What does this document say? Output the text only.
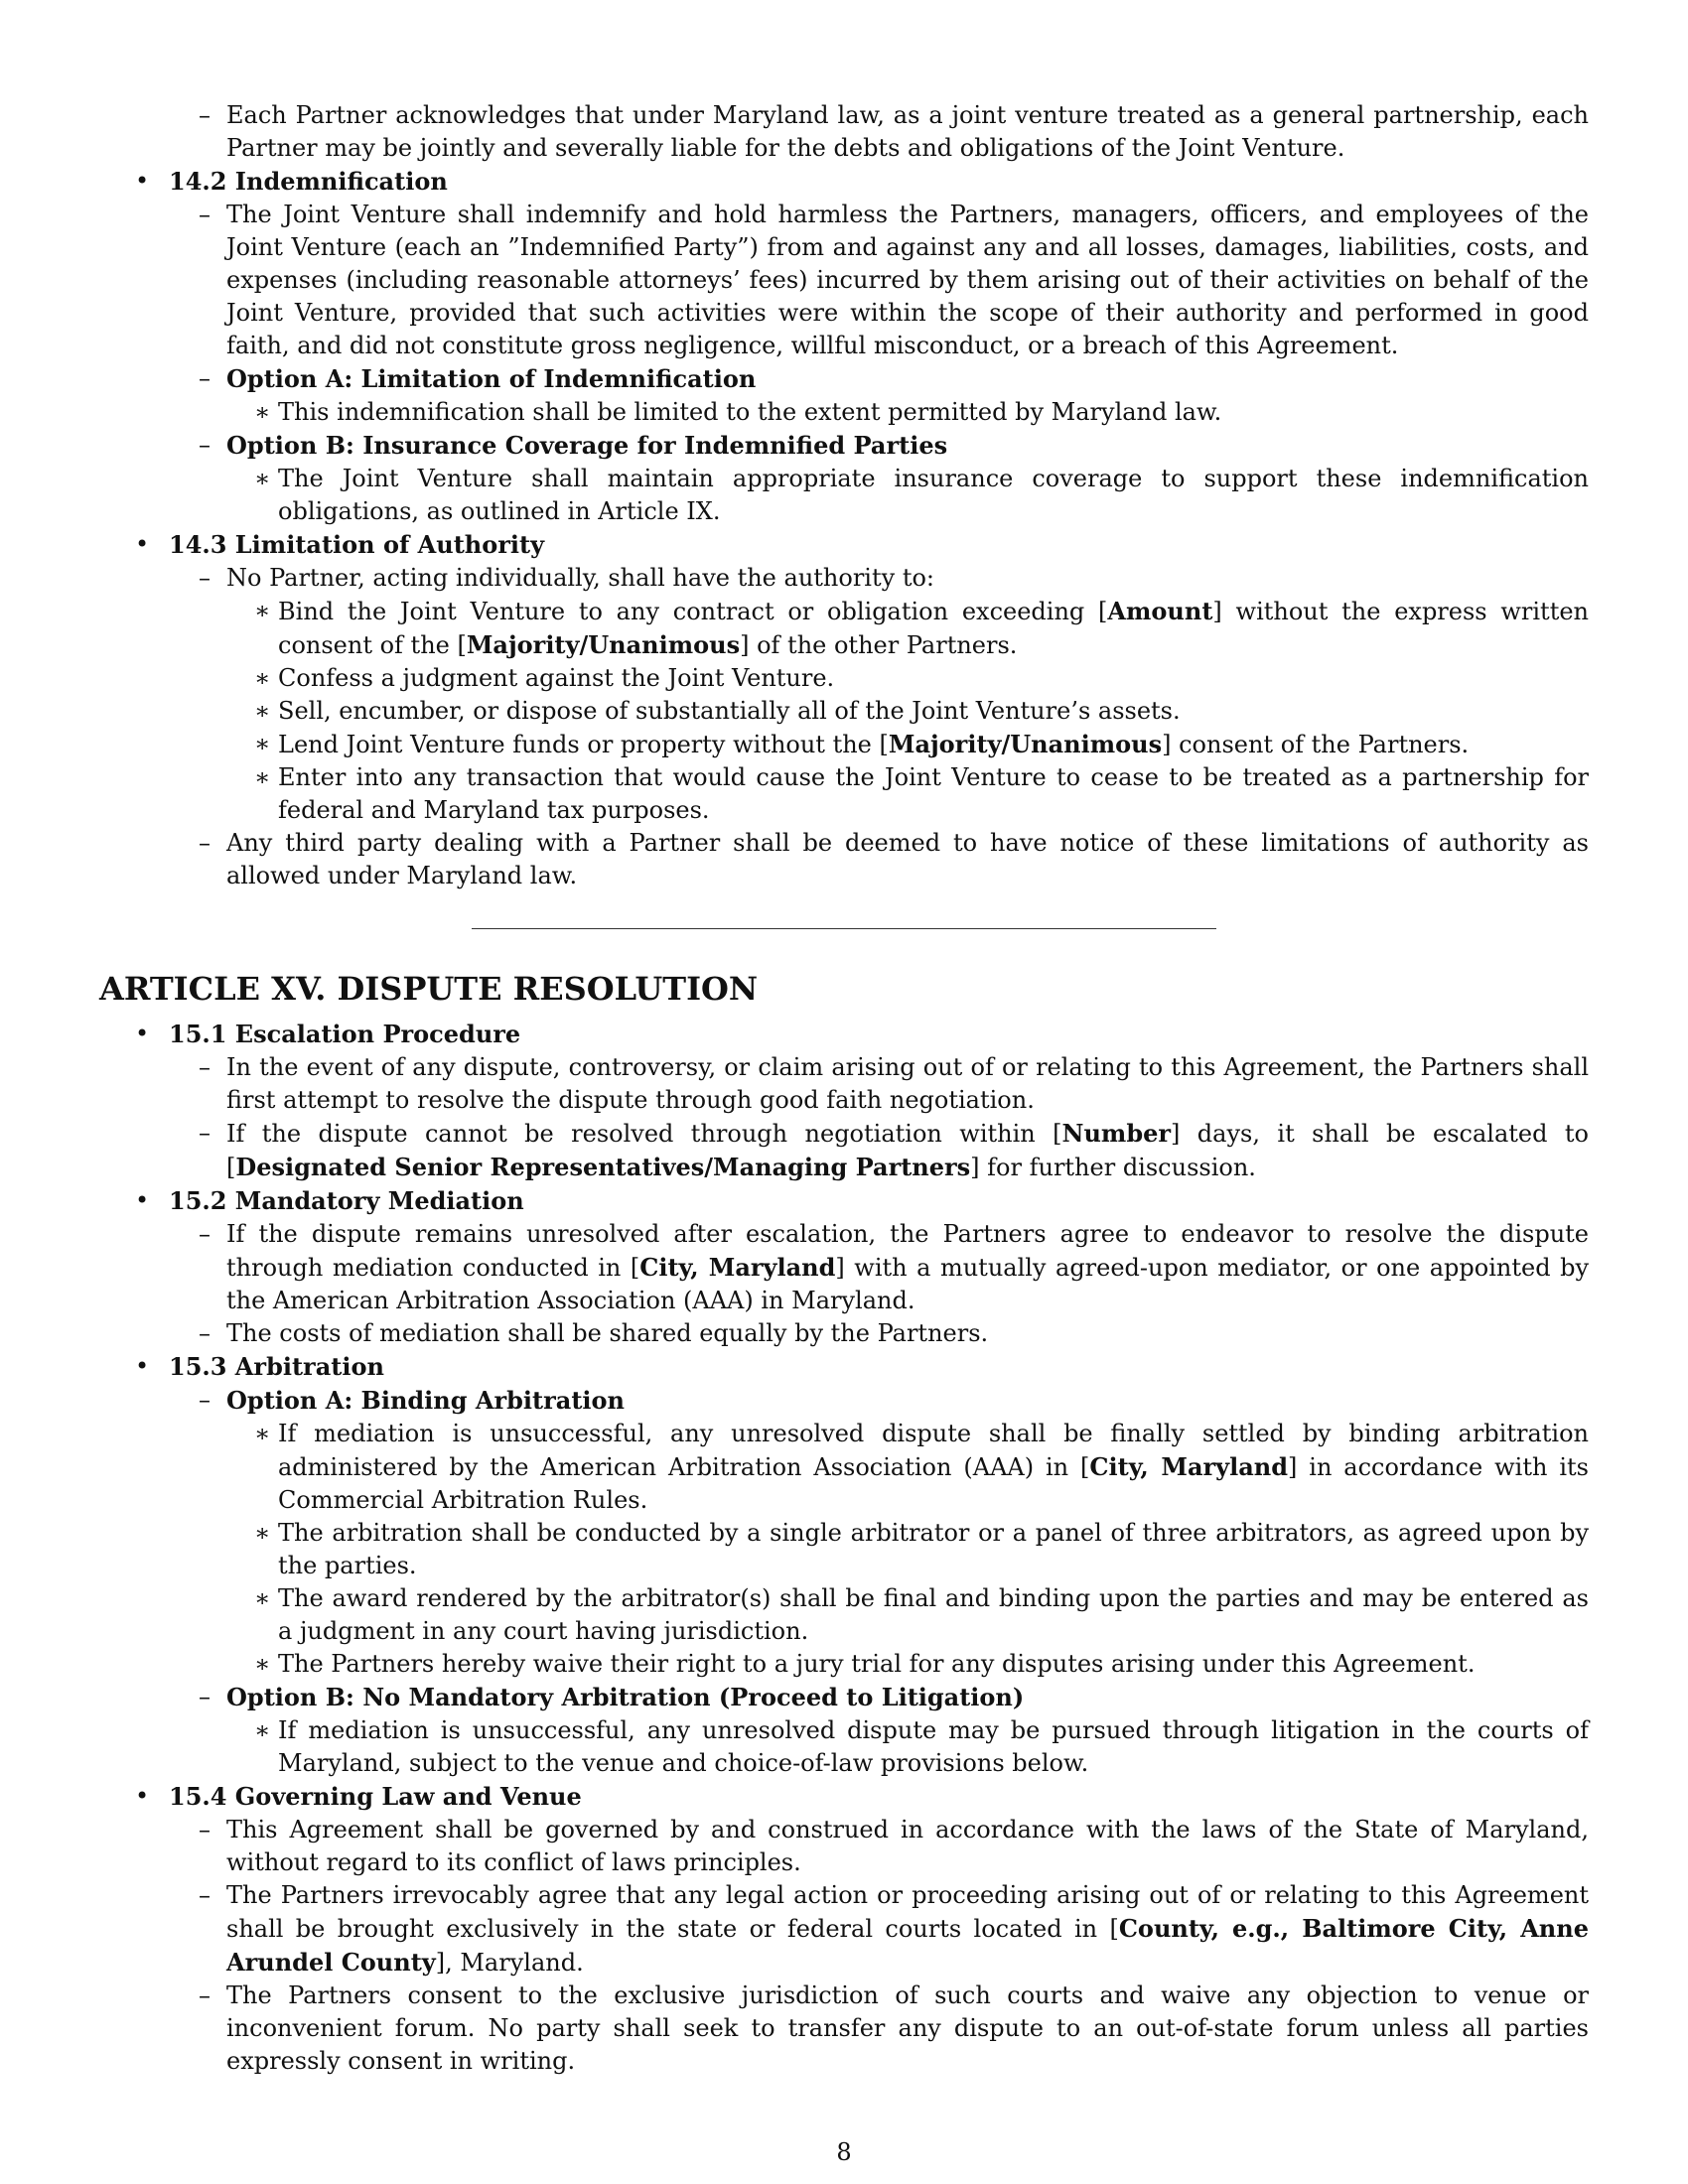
– Each Partner acknowledges that under Maryland law, as a joint venture treated as a general partnership, each Partner may be jointly and severally liable for the debts and obligations of the Joint Venture.
• 14.2 Indemnification
– The Joint Venture shall indemnify and hold harmless the Partners, managers, officers, and employees of the Joint Venture (each an ”Indemnified Party”) from and against any and all losses, damages, liabilities, costs, and expenses (including reasonable attorneys’ fees) incurred by them arising out of their activities on behalf of the Joint Venture, provided that such activities were within the scope of their authority and performed in good faith, and did not constitute gross negligence, willful misconduct, or a breach of this Agreement.
– Option A: Limitation of Indemnification
∗ This indemnification shall be limited to the extent permitted by Maryland law.
– Option B: Insurance Coverage for Indemnified Parties
∗ The Joint Venture shall maintain appropriate insurance coverage to support these indemnification obligations, as outlined in Article IX.
• 14.3 Limitation of Authority
– No Partner, acting individually, shall have the authority to:
∗ Bind the Joint Venture to any contract or obligation exceeding [Amount] without the express written consent of the [Majority/Unanimous] of the other Partners.
∗ Confess a judgment against the Joint Venture.
∗ Sell, encumber, or dispose of substantially all of the Joint Venture’s assets.
∗ Lend Joint Venture funds or property without the [Majority/Unanimous] consent of the Partners.
∗ Enter into any transaction that would cause the Joint Venture to cease to be treated as a partnership for federal and Maryland tax purposes.
– Any third party dealing with a Partner shall be deemed to have notice of these limitations of authority as allowed under Maryland law.
ARTICLE XV. DISPUTE RESOLUTION
• 15.1 Escalation Procedure
– In the event of any dispute, controversy, or claim arising out of or relating to this Agreement, the Partners shall first attempt to resolve the dispute through good faith negotiation.
– If the dispute cannot be resolved through negotiation within [Number] days, it shall be escalated to [Designated Senior Representatives/Managing Partners] for further discussion.
• 15.2 Mandatory Mediation
– If the dispute remains unresolved after escalation, the Partners agree to endeavor to resolve the dispute through mediation conducted in [City, Maryland] with a mutually agreed-upon mediator, or one appointed by the American Arbitration Association (AAA) in Maryland.
– The costs of mediation shall be shared equally by the Partners.
• 15.3 Arbitration
– Option A: Binding Arbitration
∗ If mediation is unsuccessful, any unresolved dispute shall be finally settled by binding arbitration administered by the American Arbitration Association (AAA) in [City, Maryland] in accordance with its Commercial Arbitration Rules.
∗ The arbitration shall be conducted by a single arbitrator or a panel of three arbitrators, as agreed upon by the parties.
∗ The award rendered by the arbitrator(s) shall be final and binding upon the parties and may be entered as a judgment in any court having jurisdiction.
∗ The Partners hereby waive their right to a jury trial for any disputes arising under this Agreement.
– Option B: No Mandatory Arbitration (Proceed to Litigation)
∗ If mediation is unsuccessful, any unresolved dispute may be pursued through litigation in the courts of Maryland, subject to the venue and choice-of-law provisions below.
• 15.4 Governing Law and Venue
– This Agreement shall be governed by and construed in accordance with the laws of the State of Maryland, without regard to its conflict of laws principles.
– The Partners irrevocably agree that any legal action or proceeding arising out of or relating to this Agreement shall be brought exclusively in the state or federal courts located in [County, e.g., Baltimore City, Anne Arundel County], Maryland.
– The Partners consent to the exclusive jurisdiction of such courts and waive any objection to venue or inconvenient forum. No party shall seek to transfer any dispute to an out-of-state forum unless all parties expressly consent in writing.
8
